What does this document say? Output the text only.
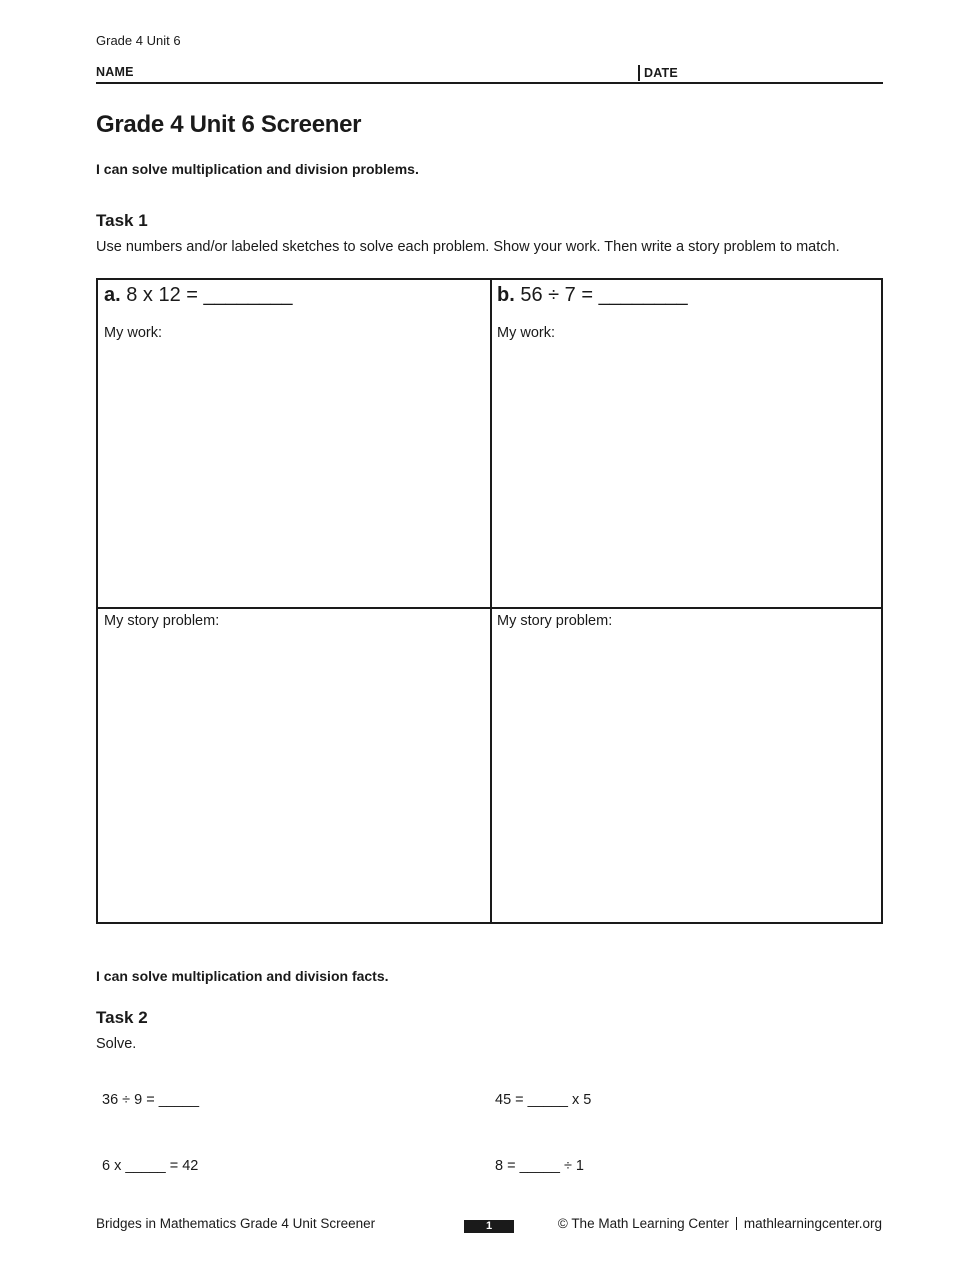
Grade 4 Unit 6
NAME	DATE
Grade 4 Unit 6 Screener
I can solve multiplication and division problems.
Task 1
Use numbers and/or labeled sketches to solve each problem. Show your work. Then write a story problem to match.
a. 8 x 12 = ________	b. 56 ÷ 7 = ________
My work:	My work:
My story problem:	My story problem:
I can solve multiplication and division facts.
Task 2
Solve.
36 ÷ 9 = _____	45 = _____ x 5
6 x _____ = 42	8 = _____ ÷ 1
Bridges in Mathematics Grade 4 Unit Screener	1	© The Math Learning Center mathlearningcenter.org
